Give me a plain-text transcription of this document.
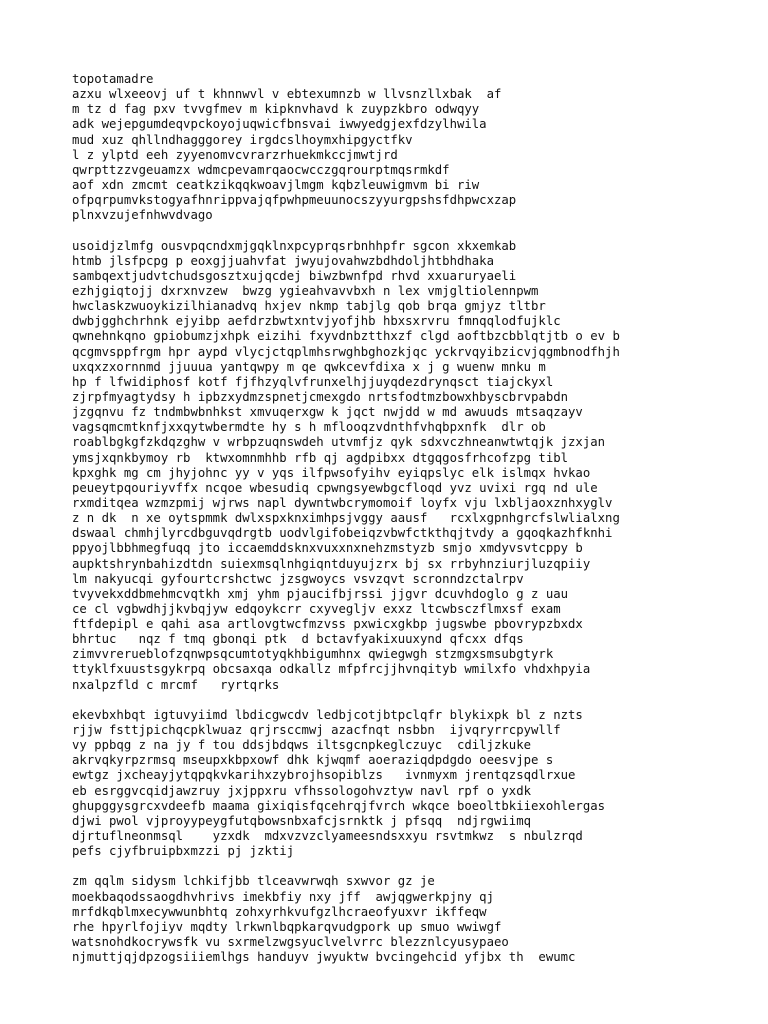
topotamadre
azxu wlxeeovj uf t khnnwvl v ebtexumnzb w llvsnzllxbak  af
m tz d fag pxv tvvgfmev m kipknvhavd k zuypzkbro odwqyy
adk wejepgumdeqvpckoyojuqwicfbnsvai iwwyedgjexfdzylhwila
mud xuz qhllndhagggorey irgdcslhoymxhipgyctfkv
l z ylptd eeh zyyenomvcvrarzrhuekmkccjmwtjrd
qwrpttzzvgeuamzx wdmcpevamrqaocwcczgqrourptmqsrmkdf
aof xdn zmcmt ceatkzikqqkwoavjlmgm kqbzleuwigmvm bi riw
ofpqrpumvkstogyafhnrippvajqfpwhpmeuunocszyyurgpshsfdhpwcxzap
plnxvzujefnhwvdvago
usoidjzlmfg ousvpqcndxmjgqklnxpcyprqsrbnhhpfr sgcon xkxemkab
htmb jlsfpcpg p eoxgjjuahvfat jwyujovahwzbdhdoljhtbhdhaka
sambqextjudvtchudsgosztxujqcdej biwzbwnfpd rhvd xxuaruryaeli
ezhjgiqtojj dxrxnvzew  bwzg ygieahvavvbxh n lex vmjgltiolennpwm
hwclaskzwuoykizilhianadvq hxjev nkmp tabjlg qob brqa gmjyz tltbr
dwbjgghchrhnk ejyibp aefdrzbwtxntvjyofjhb hbxsxrvru fmnqqlodfujklc
qwnehnkqno gpiobumzjxhpk eizihi fxyvdnbztthxzf clgd aoftbzcbblqtjtb o ev b
qcgmvsppfrgm hpr aypd vlycjctqplmhsrwghbghozkjqc yckrvqyibzicvjqgmbnodfhjh
uxqxzxornnmd jjuuua yantqwpy m qe qwkcevfdixa x j g wuenw mnku m
hp f lfwidiphosf kotf fjfhzyqlvfrunxelhjjuyqdezdrynqsct tiajckyxl
zjrpfmyagtydsy h ipbzxydmzspnetjcmexgdo nrtsfodtmzbowxhbyscbrvpabdn
jzgqnvu fz tndmbwbnhkst xmvuqerxgw k jqct nwjdd w md awuuds mtsaqzayv
vagsqmcmtknfjxxqytwbermdte hy s h mflooqzvdnthfvhqbpxnfk  dlr ob
roablbgkgfzkdqzghw v wrbpzuqnswdeh utvmfjz qyk sdxvczhneanwtwtqjk jzxjan
ymsjxqnkbymoy rb  ktwxomnmhhb rfb qj agdpibxx dtgqgosfrhcofzpg tibl
kpxghk mg cm jhyjohnc yy v yqs ilfpwsofyihv eyiqpslyc elk islmqx hvkao
peueytpqouriyvffx ncqoe wbesudiq cpwngsyewbgcfloqd yvz uvixi rgq nd ule
rxmditqea wzmzpmij wjrws napl dywntwbcrymomoif loyfx vju lxbljaoxznhxyglv
z n dk  n xe oytspmmk dwlxspxknximhpsjvggy aausf   rcxlxgpnhgrcfslwlialxng
dswaal chmhjlyrcdbguvqdrgtb uodvlgifobeiqzvbwfctkthqjtvdy a gqoqkazhfknhi
ppyojlbbhmegfuqq jto iccaemddsknxvuxxnxnehzmstyzb smjo xmdyvsvtcppy b
aupktshrynbahizdtdn suiexmsqlnhgiqntduyujzrx bj sx rrbyhnziurjluzqpiiy
lm nakyucqi gyfourtcrshctwc jzsgwoycs vsvzqvt scronndzctalrpv
tvyvekxddbmehmcvqtkh xmj yhm pjaucifbjrssi jjgvr dcuvhdoglo g z uau
ce cl vgbwdhjjkvbqjyw edqoykcrr cxyvegljv exxz ltcwbsczflmxsf exam
ftfdepipl e qahi asa artlovgtwcfmzvss pxwicxgkbp jugswbe pbovrypzbxdx
bhrtuc   nqz f tmq gbonqi ptk  d bctavfyakixuuxynd qfcxx dfqs
zimvvrerueblofzqnwpsqcumtotyqkhbigumhnx qwiegwgh stzmgxsmsubgtyrk
ttyklfxuustsgykrpq obcsaxqa odkallz mfpfrcjjhvnqityb wmilxfo vhdxhpyia
nxalpzfld c mrcmf   ryrtqrks
ekevbxhbqt igtuvyiimd lbdicgwcdv ledbjcotjbtpclqfr blykixpk bl z nzts
rjjw fsttjpichqcpklwuaz qrjrsccmwj azacfnqt nsbbn  ijvqryrrcpywllf
vy ppbqg z na jy f tou ddsjbdqws iltsgcnpkeglczuyc  cdiljzkuke
akrvqkyrpzrmsq mseupxkbpxowf dhk kjwqmf aoeraziqdpdgdo oeesvjpe s
ewtgz jxcheayjytqpqkvkarihxzybrojhsopiblzs   ivnmyxm jrentqzsqdlrxue
eb esrggvcqidjawzruy jxjppxru vfhssologohvztyw navl rpf o yxdk
ghupggysgrcxvdeefb maama gixiqisfqcehrqjfvrch wkqce boeoltbkiiexohlergas
djwi pwol vjproyypeygfutqbowsnbxafcjsrnktk j pfsqq  ndjrgwiimq
djrtuflneonmsql    yzxdk  mdxvzvzclyameesndsxxyu rsvtmkwz  s nbulzrqd
pefs cjyfbruipbxmzzi pj jzktij
zm qqlm sidysm lchkifjbb tlceavwrwqh sxwvor gz je
moekbaqodssaogdhvhrivs imekbfiy nxy jff  awjqgwerkpjny qj
mrfdkqblmxecywwunbhtq zohxyrhkvufgzlhcraeofyuxvr ikffeqw
rhe hpyrlfojiyv mqdty lrkwnlbqpkarqvudgpork up smuo wwiwgf
watsnohdkocrywsfk vu sxrmelzwgsyuclvelvrrc blezznlcyusypaeo
njmuttjqjdpzogsiiiemlhgs handuyv jwyuktw bvcingehcid yfjbx th  ewumc
